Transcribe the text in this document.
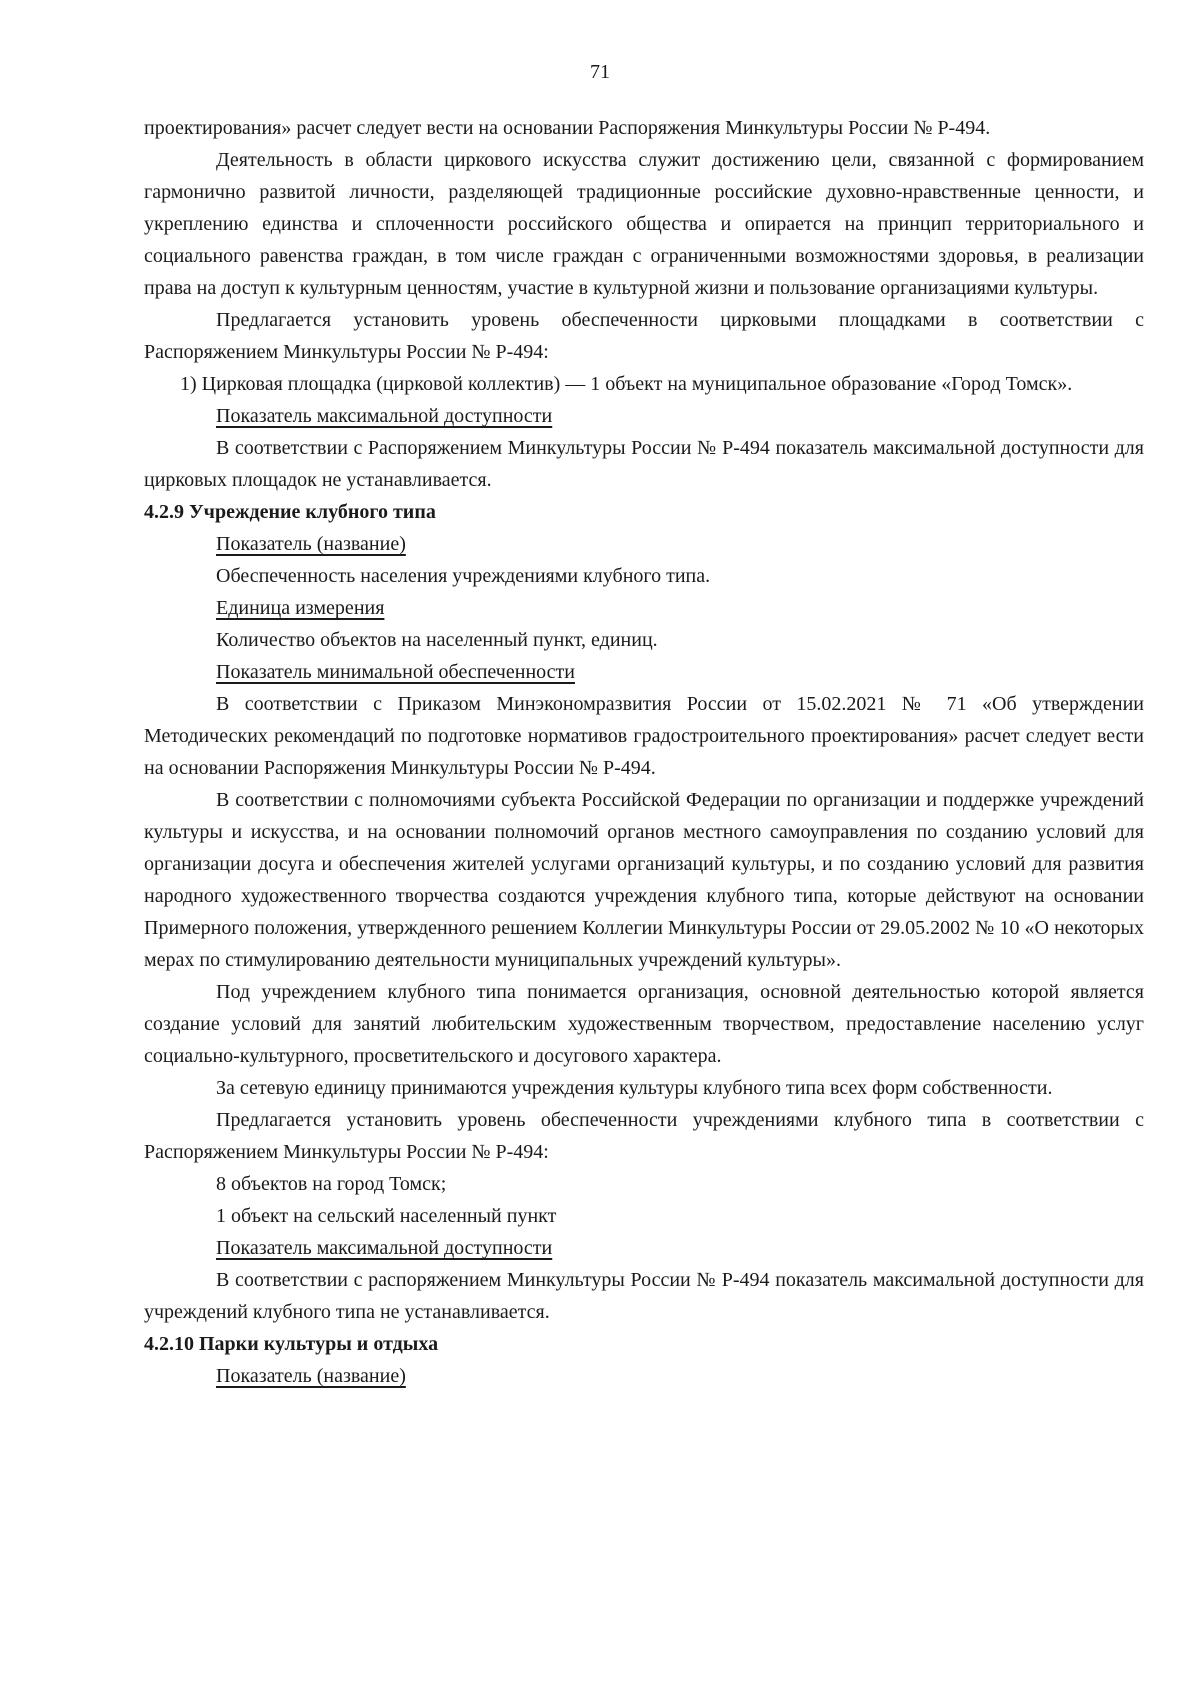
71

проектирования» расчет следует вести на основании Распоряжения Минкультуры России № Р-494.

Деятельность в области циркового искусства служит достижению цели, связанной с формированием гармонично развитой личности, разделяющей традиционные российские духовно-нравственные ценности, и укреплению единства и сплоченности российского общества и опирается на принцип территориального и социального равенства граждан, в том числе граждан с ограниченными возможностями здоровья, в реализации права на доступ к культурным ценностям, участие в культурной жизни и пользование организациями культуры.

Предлагается установить уровень обеспеченности цирковыми площадками в соответствии с Распоряжением Минкультуры России № Р-494:

1) Цирковая площадка (цирковой коллектив) — 1 объект на муниципальное образование «Город Томск».

Показатель максимальной доступности

В соответствии с Распоряжением Минкультуры России № Р-494 показатель максимальной доступности для цирковых площадок не устанавливается.

4.2.9 Учреждение клубного типа

Показатель (название)

Обеспеченность населения учреждениями клубного типа.

Единица измерения

Количество объектов на населенный пункт, единиц.

Показатель минимальной обеспеченности

В соответствии с Приказом Минэкономразвития России от 15.02.2021 № 71 «Об утверждении Методических рекомендаций по подготовке нормативов градостроительного проектирования» расчет следует вести на основании Распоряжения Минкультуры России № Р-494.

В соответствии с полномочиями субъекта Российской Федерации по организации и поддержке учреждений культуры и искусства, и на основании полномочий органов местного самоуправления по созданию условий для организации досуга и обеспечения жителей услугами организаций культуры, и по созданию условий для развития народного художественного творчества создаются учреждения клубного типа, которые действуют на основании Примерного положения, утвержденного решением Коллегии Минкультуры России от 29.05.2002 № 10 «О некоторых мерах по стимулированию деятельности муниципальных учреждений культуры».

Под учреждением клубного типа понимается организация, основной деятельностью которой является создание условий для занятий любительским художественным творчеством, предоставление населению услуг социально-культурного, просветительского и досугового характера.

За сетевую единицу принимаются учреждения культуры клубного типа всех форм собственности.

Предлагается установить уровень обеспеченности учреждениями клубного типа в соответствии с Распоряжением Минкультуры России № Р-494:

8 объектов на город Томск;

1 объект на сельский населенный пункт

Показатель максимальной доступности

В соответствии с распоряжением Минкультуры России № Р-494 показатель максимальной доступности для учреждений клубного типа не устанавливается.

4.2.10 Парки культуры и отдыха

Показатель (название)
